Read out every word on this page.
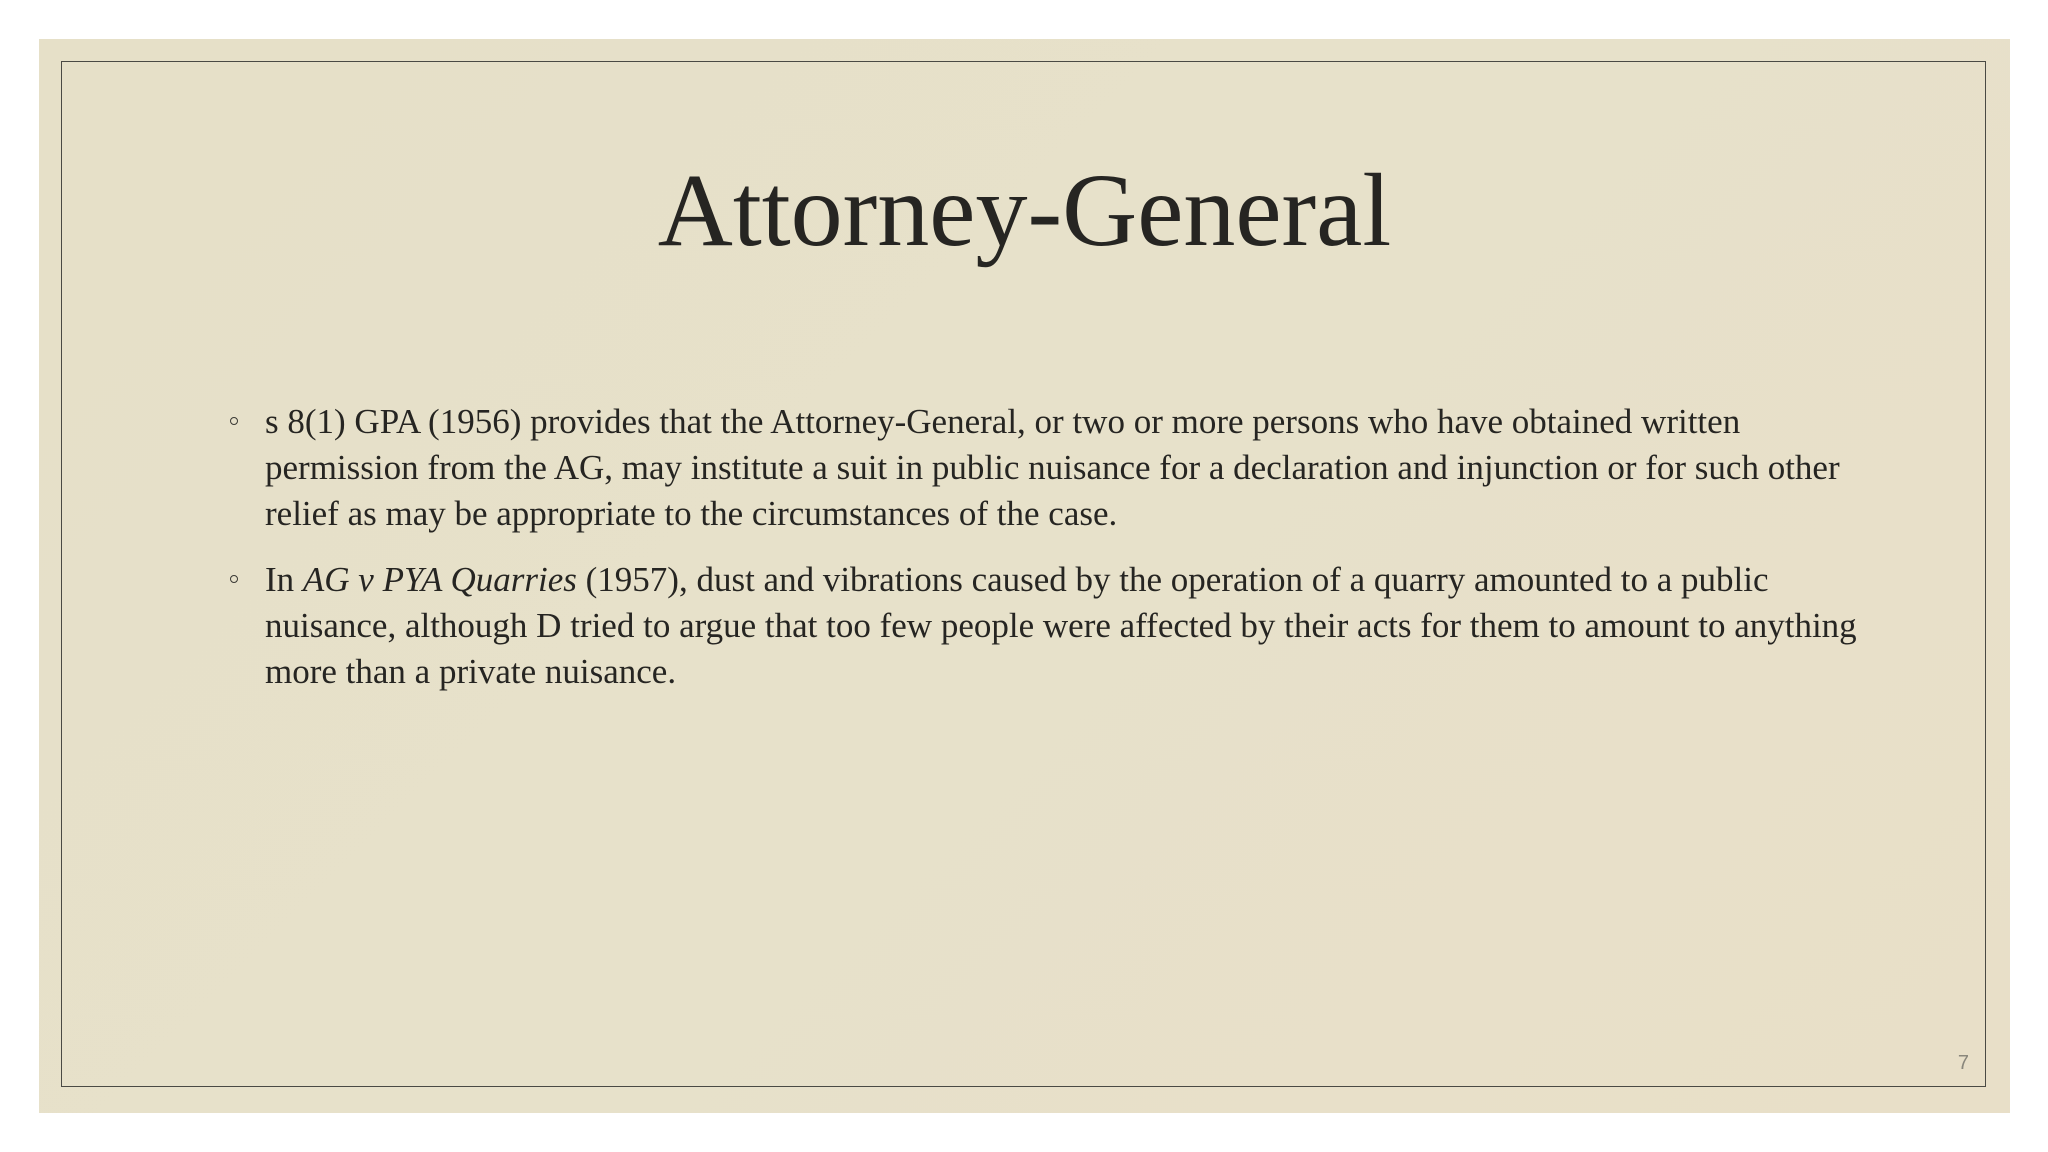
Attorney-General
s 8(1) GPA (1956) provides that the Attorney-General, or two or more persons who have obtained written permission from the AG, may institute a suit in public nuisance for a declaration and injunction or for such other relief as may be appropriate to the circumstances of the case.
In AG v PYA Quarries (1957), dust and vibrations caused by the operation of a quarry amounted to a public nuisance, although D tried to argue that too few people were affected by their acts for them to amount to anything more than a private nuisance.
7
